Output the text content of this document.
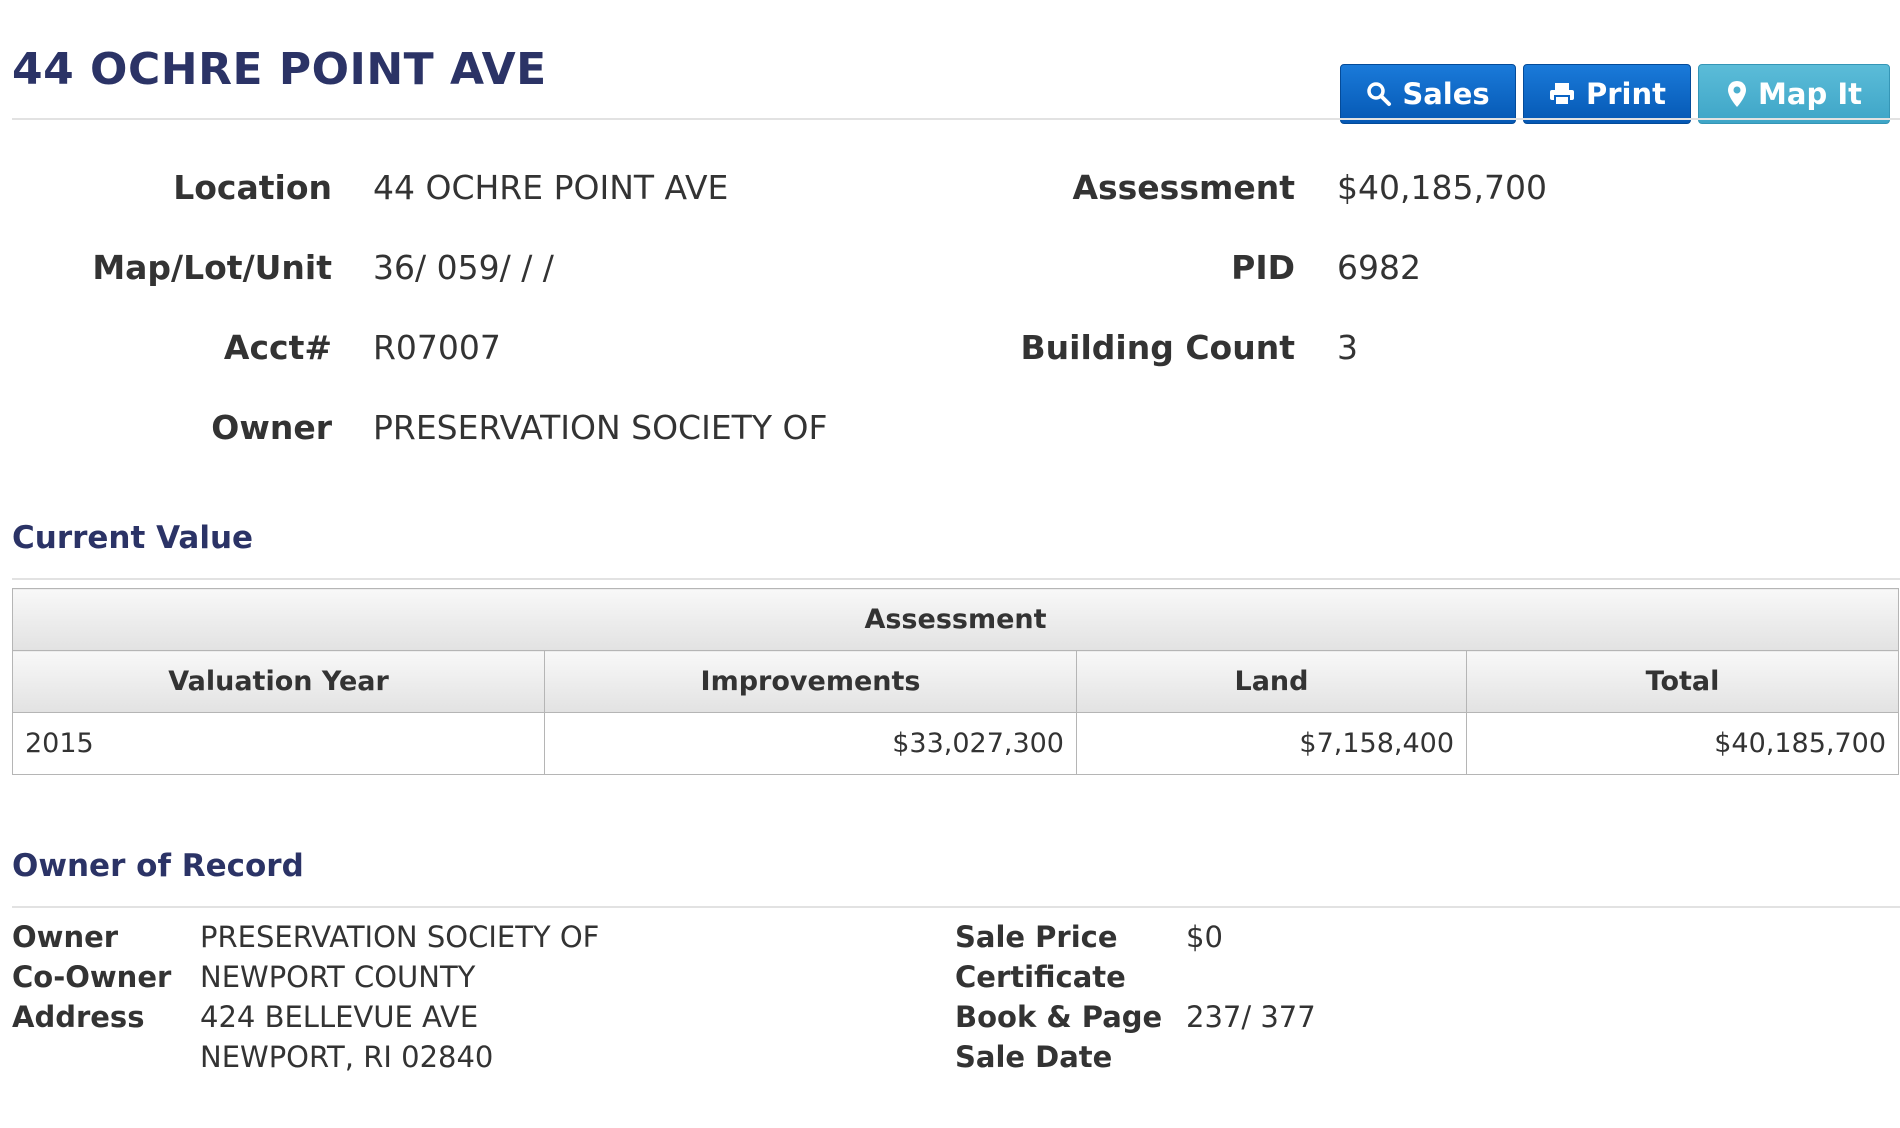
44 OCHRE POINT AVE	Sales	Print	Map It
Location 44 OCHRE POINT AVE
Map/Lot/Unit 36/ 059/ / /
Acct# R07007
Owner PRESERVATION SOCIETY OF
Assessment $40,185,700
PID 6982
Building Count 3
Current Value
Assessment			
Valuation Year	Improvements	Land	Total
2015	$33,027,300	$7,158,400	$40,185,700
Owner of Record
Owner	PRESERVATION SOCIETY OF
Co-Owner NEWPORT COUNTY
Address 424 BELLEVUE AVE
NEWPORT, RI 02840
Sale Price $0
Certificate
Book & Page 237/ 377
Sale Date
